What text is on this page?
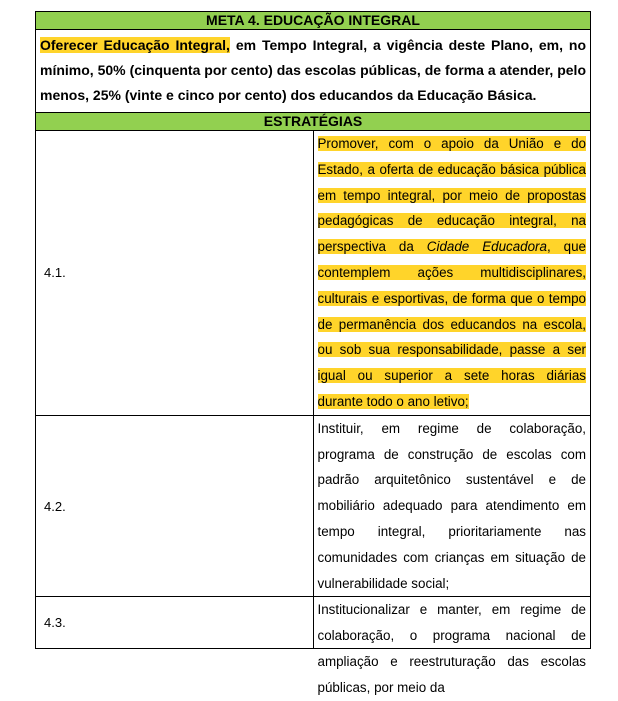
META 4. EDUCAÇÃO INTEGRAL	
Oferecer Educação Integral, em Tempo Integral, a vigência deste Plano, em, no mínimo, 50% (cinquenta por cento) das escolas públicas, de forma a atender, pelo menos, 25% (vinte e cinco por cento) dos educandos da Educação Básica.	
ESTRATÉGIAS	
4.1.	Promover, com o apoio da União e do Estado, a oferta de educação básica pública em tempo integral, por meio de propostas pedagógicas de educação integral, na perspectiva da Cidade Educadora, que contemplem ações multidisciplinares, culturais e esportivas, de forma que o tempo de permanência dos educandos na escola, ou sob sua responsabilidade, passe a ser igual ou superior a sete horas diárias durante todo o ano letivo;
4.2.	Instituir, em regime de colaboração, programa de construção de escolas com padrão arquitetônico sustentável e de mobiliário adequado para atendimento em tempo integral, prioritariamente nas comunidades com crianças em situação de vulnerabilidade social;
4.3.	Institucionalizar e manter, em regime de colaboração, o programa nacional de ampliação e reestruturação das escolas públicas, por meio da
